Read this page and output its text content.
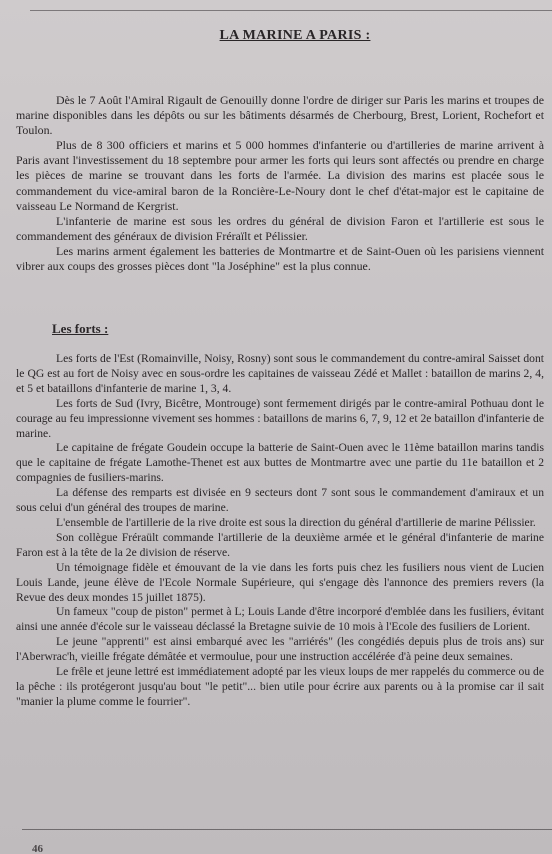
LA MARINE A PARIS :

Dès le 7 Août l'Amiral Rigault de Genouilly donne l'ordre de diriger sur Paris les marins et troupes de marine disponibles dans les dépôts ou sur les bâtiments désarmés de Cherbourg, Brest, Lorient, Rochefort et Toulon.

Plus de 8 300 officiers et marins et 5 000 hommes d'infanterie ou d'artilleries de marine arrivent à Paris avant l'investissement du 18 septembre pour armer les forts qui leurs sont affectés ou prendre en charge les pièces de marine se trouvant dans les forts de l'armée. La division des marins est placée sous le commandement du vice-amiral baron de la Roncière-Le-Noury dont le chef d'état-major est le capitaine de vaisseau Le Normand de Kergrist.

L'infanterie de marine est sous les ordres du général de division Faron et l'artillerie est sous le commandement des généraux de division Fréraïlt et Pélissier.

Les marins arment également les batteries de Montmartre et de Saint-Ouen où les parisiens viennent vibrer aux coups des grosses pièces dont "la Joséphine" est la plus connue.

Les forts :

Les forts de l'Est (Romainville, Noisy, Rosny) sont sous le commandement du contre-amiral Saisset dont le QG est au fort de Noisy avec en sous-ordre les capitaines de vaisseau Zédé et Mallet : bataillon de marins 2, 4, et 5 et bataillons d'infanterie de marine 1, 3, 4.

Les forts de Sud (Ivry, Bicêtre, Montrouge) sont fermement dirigés par le contre-amiral Pothuau dont le courage au feu impressionne vivement ses hommes : bataillons de marins 6, 7, 9, 12 et 2e bataillon d'infanterie de marine.

Le capitaine de frégate Goudein occupe la batterie de Saint-Ouen avec le 11ème bataillon marins tandis que le capitaine de frégate Lamothe-Thenet est aux buttes de Montmartre avec une partie du 11e bataillon et 2 compagnies de fusiliers-marins.

La défense des remparts est divisée en 9 secteurs dont 7 sont sous le commandement d'amiraux et un sous celui d'un général des troupes de marine.

L'ensemble de l'artillerie de la rive droite est sous la direction du général d'artillerie de marine Pélissier.

Son collègue Fréraült commande l'artillerie de la deuxième armée et le général d'infanterie de marine Faron est à la tête de la 2e division de réserve.

Un témoignage fidèle et émouvant de la vie dans les forts puis chez les fusiliers nous vient de Lucien Louis Lande, jeune élève de l'Ecole Normale Supérieure, qui s'engage dès l'annonce des premiers revers (la Revue des deux mondes 15 juillet 1875).

Un fameux "coup de piston" permet à L; Louis Lande d'être incorporé d'emblée dans les fusiliers, évitant ainsi une année d'école sur le vaisseau déclassé la Bretagne suivie de 10 mois à l'Ecole des fusiliers de Lorient.

Le jeune "apprenti" est ainsi embarqué avec les "arriérés" (les congédiés depuis plus de trois ans) sur l'Aberwrac'h, vieille frégate démâtée et vermoulue, pour une instruction accélérée d'à peine deux semaines.

Le frêle et jeune lettré est immédiatement adopté par les vieux loups de mer rappelés du commerce ou de la pêche : ils protégeront jusqu'au bout "le petit"... bien utile pour écrire aux parents ou à la promise car il sait "manier la plume comme le fourrier".

46
